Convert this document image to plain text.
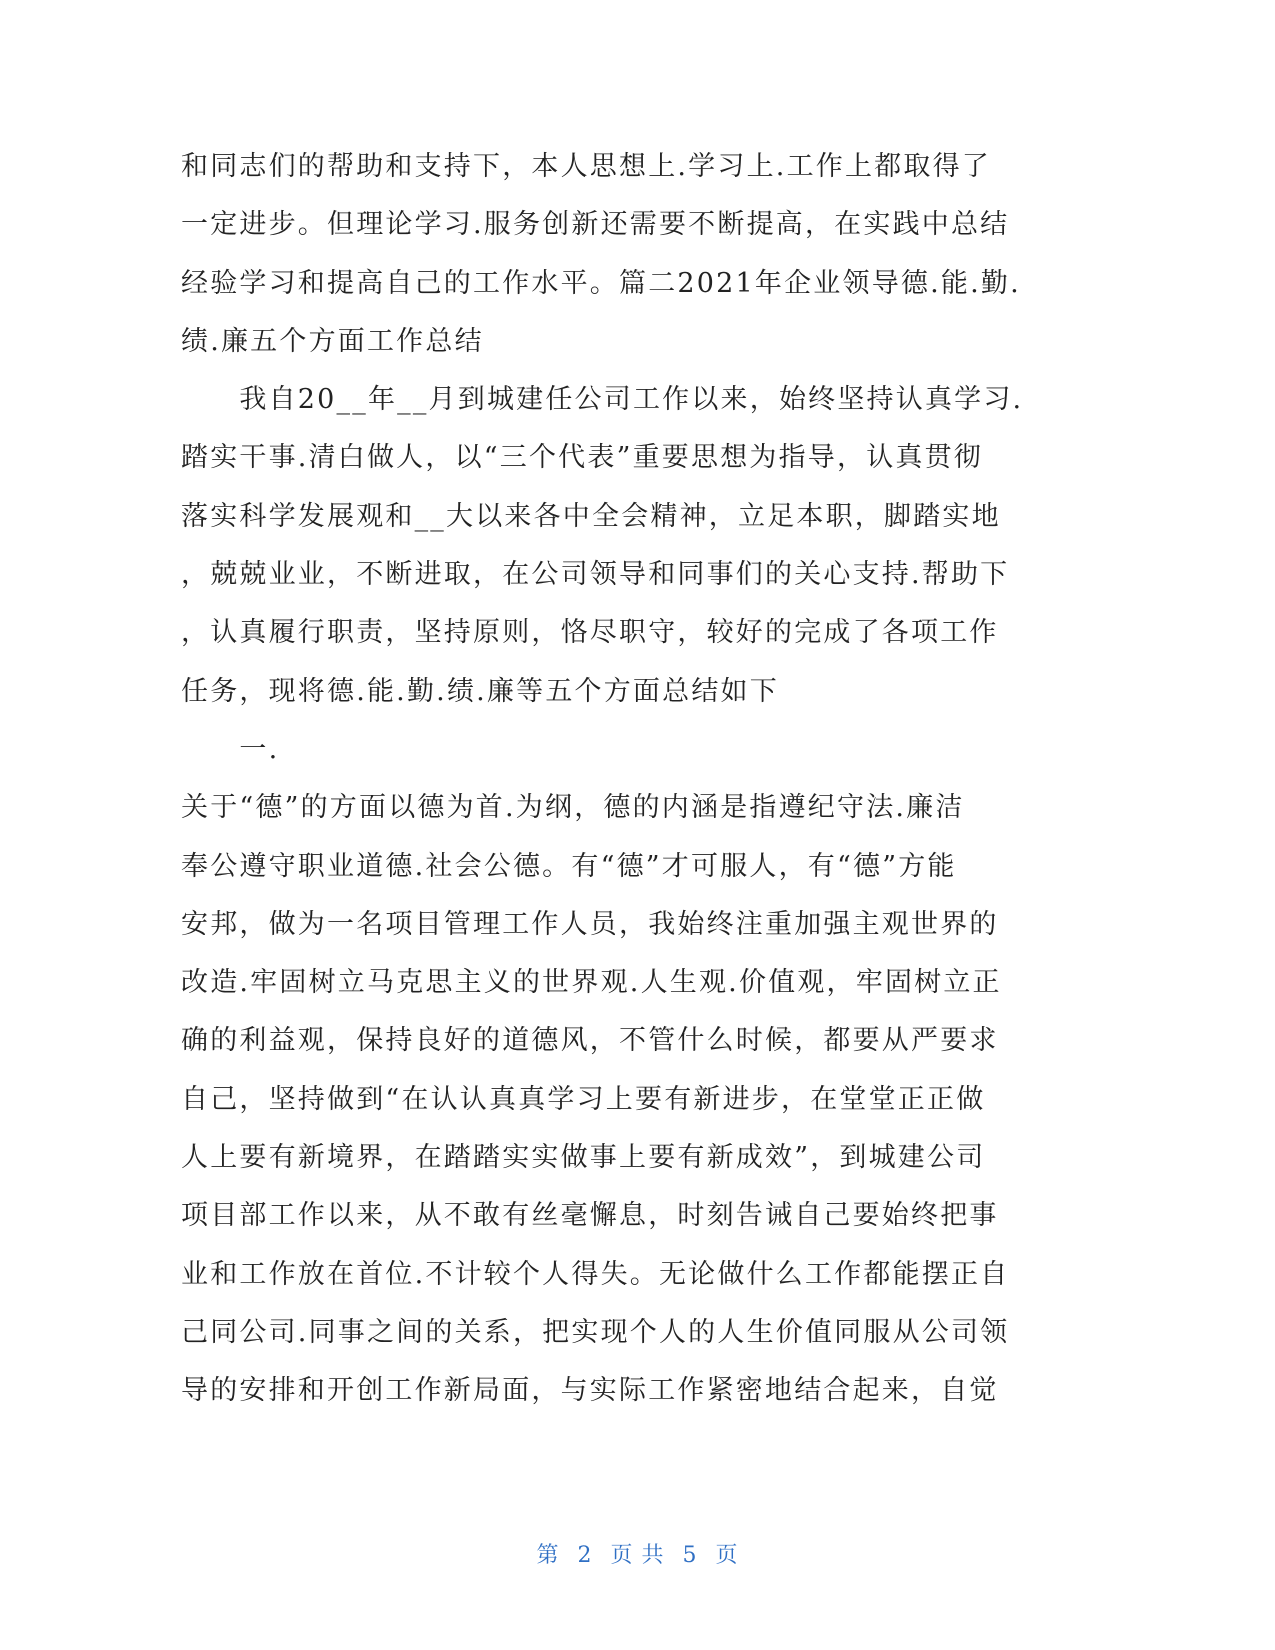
和同志们的帮助和支持下，本人思想上.学习上.工作上都取得了
一定进步。但理论学习.服务创新还需要不断提高，在实践中总结
经验学习和提高自己的工作水平。篇二2021年企业领导德.能.勤.
绩.廉五个方面工作总结
　　我自20__年__月到城建任公司工作以来，始终坚持认真学习.
踏实干事.清白做人，以“三个代表”重要思想为指导，认真贯彻
落实科学发展观和__大以来各中全会精神，立足本职，脚踏实地
，兢兢业业，不断进取，在公司领导和同事们的关心支持.帮助下
，认真履行职责，坚持原则，恪尽职守，较好的完成了各项工作
任务，现将德.能.勤.绩.廉等五个方面总结如下
　　一.
关于“德”的方面以德为首.为纲，德的内涵是指遵纪守法.廉洁
奉公遵守职业道德.社会公德。有“德”才可服人，有“德”方能
安邦，做为一名项目管理工作人员，我始终注重加强主观世界的
改造.牢固树立马克思主义的世界观.人生观.价值观，牢固树立正
确的利益观，保持良好的道德风，不管什么时候，都要从严要求
自己，坚持做到“在认认真真学习上要有新进步，在堂堂正正做
人上要有新境界，在踏踏实实做事上要有新成效”，到城建公司
项目部工作以来，从不敢有丝毫懈息，时刻告诫自己要始终把事
业和工作放在首位.不计较个人得失。无论做什么工作都能摆正自
己同公司.同事之间的关系，把实现个人的人生价值同服从公司领
导的安排和开创工作新局面，与实际工作紧密地结合起来，自觉
第 2 页 共 5 页
